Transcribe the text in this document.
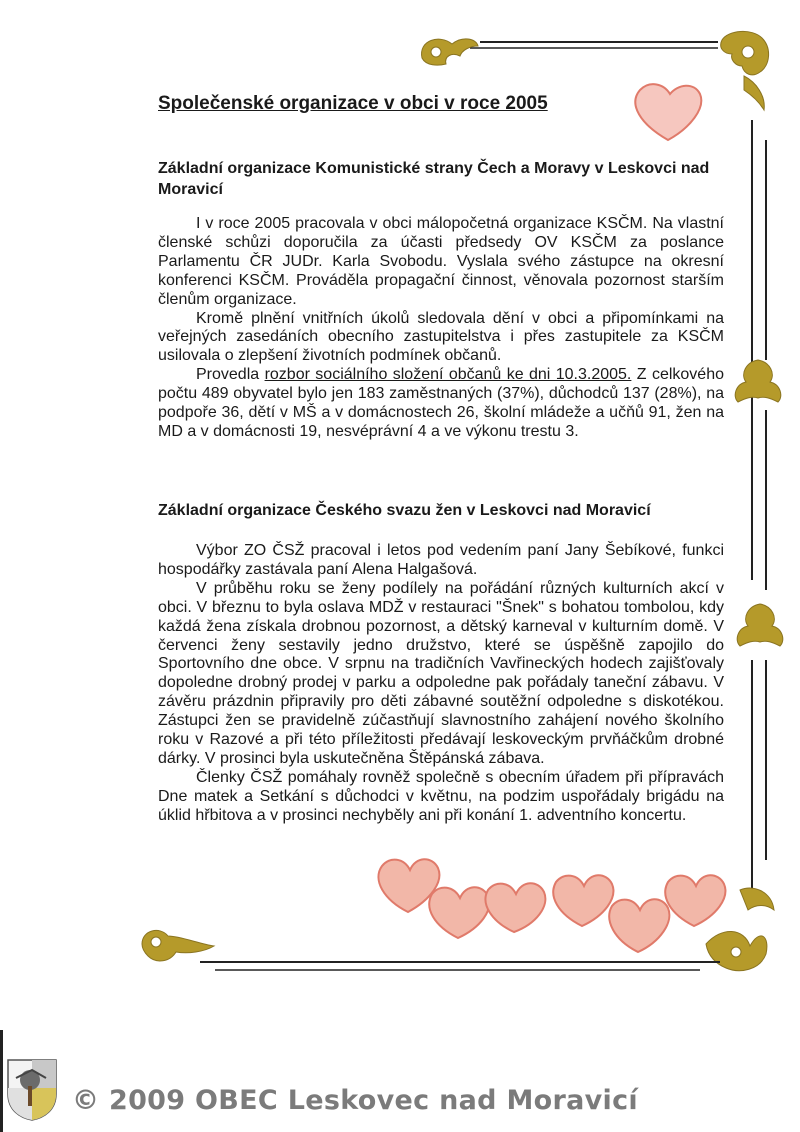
Společenské organizace v obci v roce 2005
Základní organizace Komunistické strany Čech a Moravy v Leskovci nad Moravicí

I v roce 2005 pracovala v obci málopočetná organizace KSČM. Na vlastní členské schůzi doporučila za účasti předsedy OV KSČM za poslance Parlamentu ČR JUDr. Karla Svobodu. Vyslala svého zástupce na okresní konferenci KSČM. Prováděla propagační činnost, věnovala pozornost starším členům organizace.

Kromě plnění vnitřních úkolů sledovala dění v obci a připomínkami na veřejných zasedáních obecního zastupitelstva i přes zastupitele za KSČM usilovala o zlepšení životních podmínek občanů.

Provedla rozbor sociálního složení občanů ke dni 10.3.2005. Z celkového počtu 489 obyvatel bylo jen 183 zaměstnaných (37%), důchodců 137 (28%), na podpoře 36, dětí v MŠ a v domácnostech 26, školní mládeže a učňů 91, žen na MD a v domácnosti 19, nesvéprávní 4 a ve výkonu trestu 3.

Základní organizace Českého svazu žen v Leskovci nad Moravicí

Výbor ZO ČSŽ pracoval i letos pod vedením paní Jany Šebíkové, funkci hospodářky zastávala paní Alena Halgašová.

V průběhu roku se ženy podílely na pořádání různých kulturních akcí v obci. V březnu to byla oslava MDŽ v restauraci "Šnek" s bohatou tombolou, kdy každá žena získala drobnou pozornost, a dětský karneval v kulturním domě. V červenci ženy sestavily jedno družstvo, které se úspěšně zapojilo do Sportovního dne obce. V srpnu na tradičních Vavřineckých hodech zajišťovaly dopoledne drobný prodej v parku a odpoledne pak pořádaly taneční zábavu. V závěru prázdnin připravily pro děti zábavné soutěžní odpoledne s diskotékou. Zástupci žen se pravidelně zúčastňují slavnostního zahájení nového školního roku v Razové a při této příležitosti předávají leskoveckým prvňáčkům drobné dárky. V prosinci byla uskutečněna Štěpánská zábava.

Členky ČSŽ pomáhaly rovněž společně s obecním úřadem při přípravách Dne matek a Setkání s důchodci v květnu, na podzim uspořádaly brigádu na úklid hřbitova a v prosinci nechyběly ani při konání 1. adventního koncertu.

© 2009 OBEC Leskovec nad Moravicí
